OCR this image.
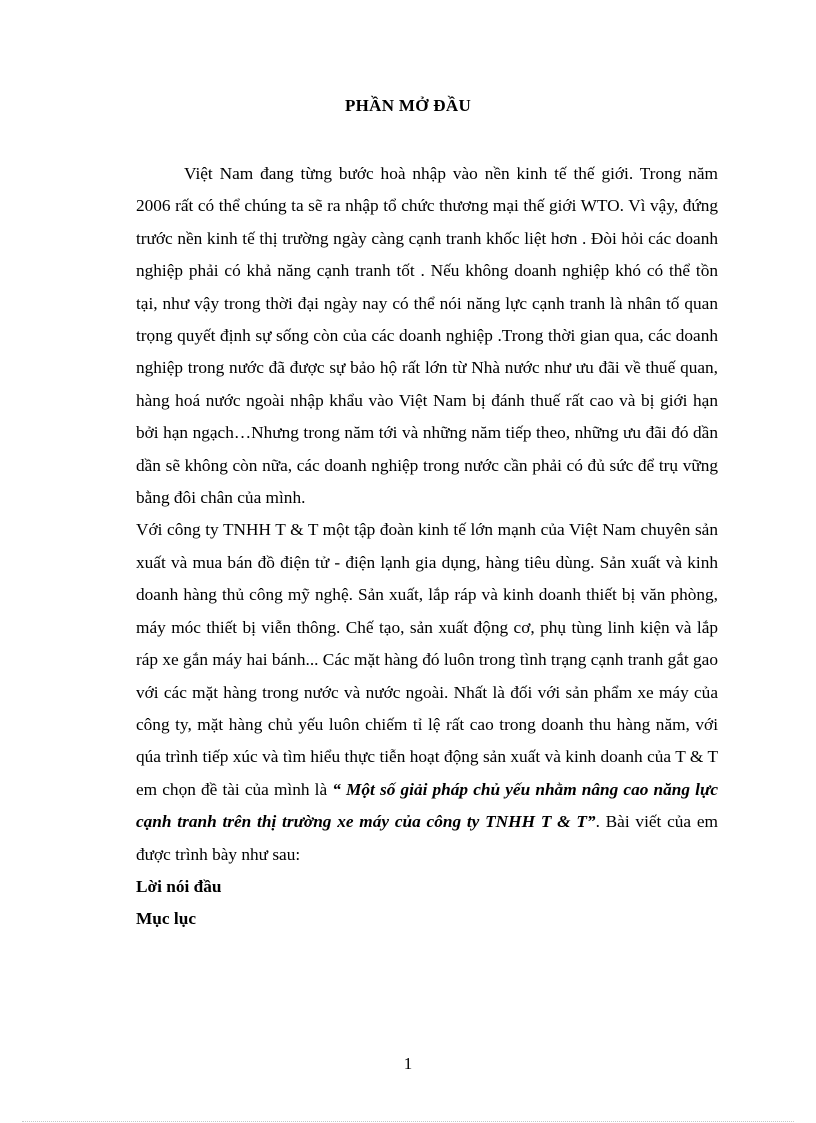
PHẦN MỞ ĐẦU

Việt Nam đang từng bước hoà nhập vào nền kinh tế thế giới. Trong năm 2006 rất có thể chúng ta sẽ ra nhập tổ chức thương mại thế giới WTO. Vì vậy, đứng trước nền kinh tế thị trường ngày càng cạnh tranh khốc liệt hơn . Đòi hỏi các doanh nghiệp phải có khả năng cạnh tranh tốt . Nếu không doanh nghiệp khó có thể tồn tại, như vậy trong thời đại ngày nay có thể nói năng lực cạnh tranh là nhân tố quan trọng quyết định sự sống còn của các doanh nghiệp .Trong thời gian qua, các doanh nghiệp trong nước đã được sự bảo hộ rất lớn từ Nhà nước như ưu đãi về thuế quan, hàng hoá nước ngoài nhập khẩu vào Việt Nam bị đánh thuế rất cao và bị giới hạn bởi hạn ngạch…Nhưng trong năm tới và những năm tiếp theo, những ưu đãi đó dần dần sẽ không còn nữa, các doanh nghiệp trong nước cần phải có đủ sức để trụ vững bằng đôi chân của mình.

Với công ty TNHH T & T một tập đoàn kinh tế lớn mạnh của Việt Nam chuyên sản xuất và mua bán đồ điện tử - điện lạnh gia dụng, hàng tiêu dùng. Sản xuất và kinh doanh hàng thủ công mỹ nghệ. Sản xuất, lắp ráp và kinh doanh thiết bị văn phòng, máy móc thiết bị viễn thông. Chế tạo, sản xuất động cơ, phụ tùng linh kiện và lắp ráp xe gắn máy hai bánh... Các mặt hàng đó luôn trong tình trạng cạnh tranh gắt gao với các mặt hàng trong nước và nước ngoài. Nhất là đối với sản phẩm xe máy của công ty, mặt hàng chủ yếu luôn chiếm tỉ lệ rất cao trong doanh thu hàng năm, với qúa trình tiếp xúc và tìm hiểu thực tiễn hoạt động sản xuất và kinh doanh của T & T em chọn đề tài của mình là “ Một số giải pháp chủ yếu nhằm nâng cao năng lực cạnh tranh trên thị trường xe máy của công ty TNHH T & T”. Bài viết của em được trình bày như sau:

Lời nói đầu

Mục lục

1
